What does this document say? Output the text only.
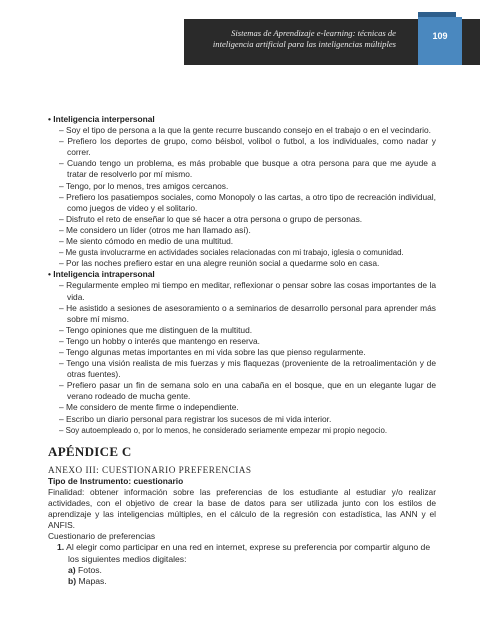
Sistemas de Aprendizaje e-learning: técnicas de
inteligencia artificial para las inteligencias múltiples
109
• Inteligencia interpersonal
– Soy el tipo de persona a la que la gente recurre buscando consejo en el trabajo o en el vecindario.
– Prefiero los deportes de grupo, como béisbol, volibol o futbol, a los individuales, como nadar y correr.
– Cuando tengo un problema, es más probable que busque a otra persona para que me ayude a tratar de resolverlo por mí mismo.
– Tengo, por lo menos, tres amigos cercanos.
– Prefiero los pasatiempos sociales, como Monopoly o las cartas, a otro tipo de recreación individual, como juegos de video y el solitario.
– Disfruto el reto de enseñar lo que sé hacer a otra persona o grupo de personas.
– Me considero un líder (otros me han llamado así).
– Me siento cómodo en medio de una multitud.
– Me gusta involucrarme en actividades sociales relacionadas con mi trabajo, iglesia o comunidad.
– Por las noches prefiero estar en una alegre reunión social a quedarme solo en casa.
• Inteligencia intrapersonal
– Regularmente empleo mi tiempo en meditar, reflexionar o pensar sobre las cosas importantes de la vida.
– He asistido a sesiones de asesoramiento o a seminarios de desarrollo personal para aprender más sobre mí mismo.
– Tengo opiniones que me distinguen de la multitud.
– Tengo un hobby o interés que mantengo en reserva.
– Tengo algunas metas importantes en mi vida sobre las que pienso regularmente.
– Tengo una visión realista de mis fuerzas y mis flaquezas (proveniente de la retroalimentación y de otras fuentes).
– Prefiero pasar un fin de semana solo en una cabaña en el bosque, que en un elegante lugar de verano rodeado de mucha gente.
– Me considero de mente firme o independiente.
– Escribo un diario personal para registrar los sucesos de mi vida interior.
– Soy autoempleado o, por lo menos, he considerado seriamente empezar mi propio negocio.
APÉNDICE C
ANEXO III: CUESTIONARIO PREFERENCIAS
Tipo de Instrumento: cuestionario
Finalidad: obtener información sobre las preferencias de los estudiante al estudiar y/o realizar actividades, con el objetivo de crear la base de datos para ser utilizada junto con los estilos de aprendizaje y las inteligencias múltiples, en el cálculo de la regresión con estadística, las ANN y el ANFIS.
Cuestionario de preferencias
1. Al elegir como participar en una red en internet, exprese su preferencia por compartir alguno de los siguientes medios digitales:
a) Fotos.
b) Mapas.
